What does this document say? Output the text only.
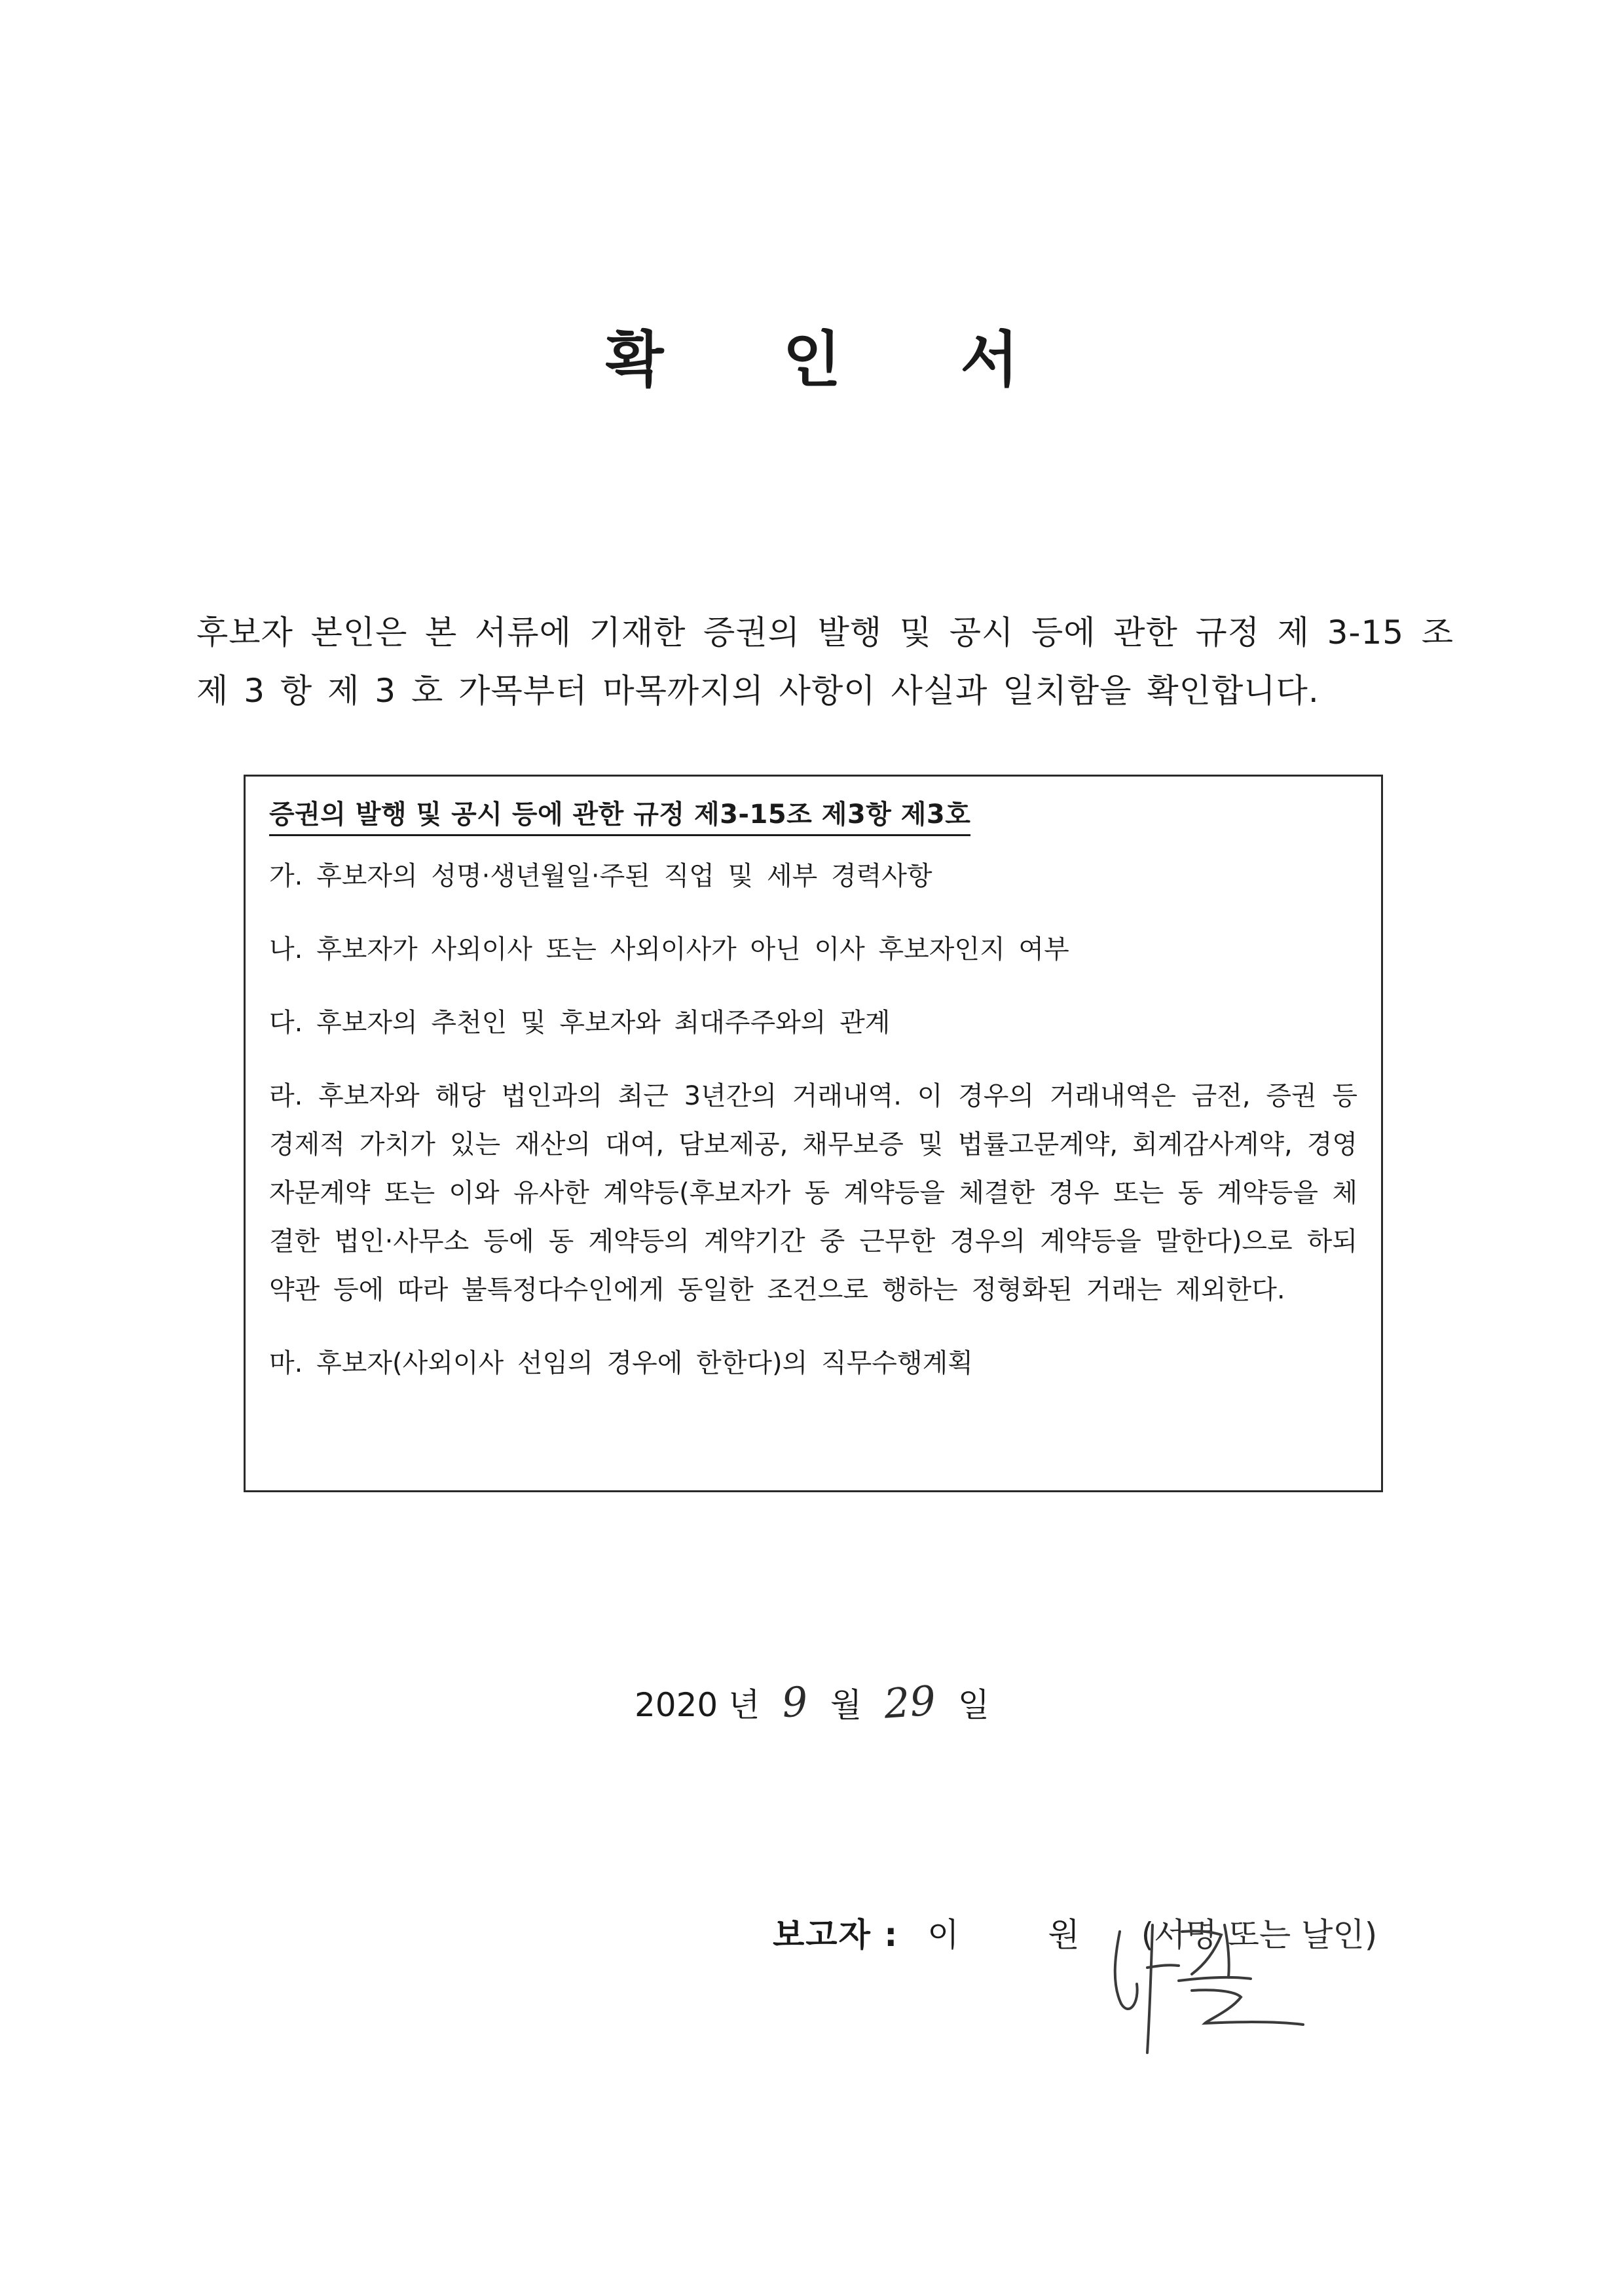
확 인 서
후보자 본인은 본 서류에 기재한 증권의 발행 및 공시 등에 관한 규정 제 3-15 조 제 3 항 제 3 호 가목부터 마목까지의 사항이 사실과 일치함을 확인합니다.
증권의 발행 및 공시 등에 관한 규정 제3-15조 제3항 제3호
가. 후보자의 성명·생년월일·주된 직업 및 세부 경력사항
나. 후보자가 사외이사 또는 사외이사가 아닌 이사 후보자인지 여부
다. 후보자의 추천인 및 후보자와 최대주주와의 관계
라. 후보자와 해당 법인과의 최근 3년간의 거래내역. 이 경우의 거래내역은 금전, 증권 등 경제적 가치가 있는 재산의 대여, 담보제공, 채무보증 및 법률고문계약, 회계감사계약, 경영자문계약 또는 이와 유사한 계약등(후보자가 동 계약등을 체결한 경우 또는 동 계약등을 체결한 법인·사무소 등에 동 계약등의 계약기간 중 근무한 경우의 계약등을 말한다)으로 하되 약관 등에 따라 불특정다수인에게 동일한 조건으로 행하는 정형화된 거래는 제외한다.
마. 후보자(사외이사 선임의 경우에 한한다)의 직무수행계획
2020 년 9 월 29 일
보고자 : 이 원 (서명 또는 날인)
